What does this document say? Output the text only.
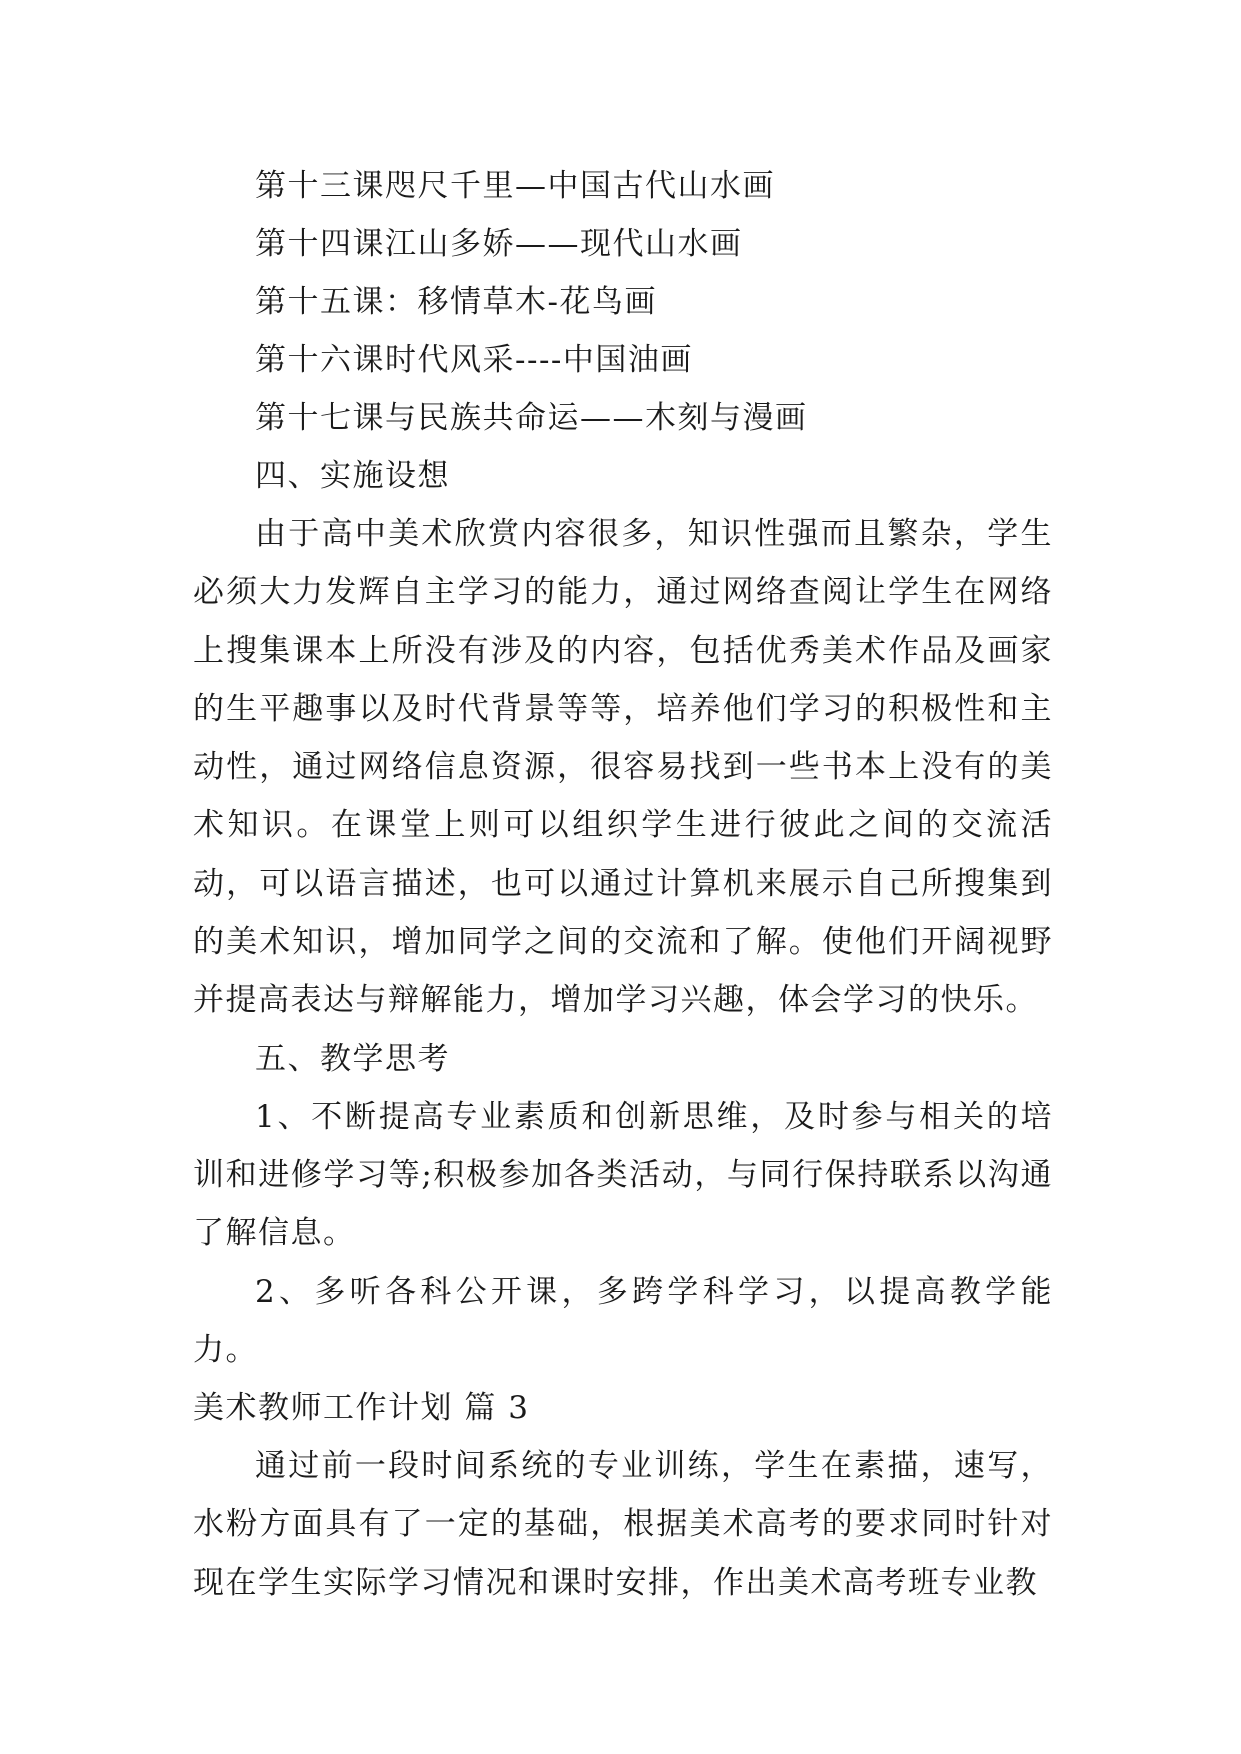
第十三课咫尺千里—中国古代山水画
第十四课江山多娇——现代山水画
第十五课：移情草木-花鸟画
第十六课时代风采----中国油画
第十七课与民族共命运——木刻与漫画
四、实施设想

由于高中美术欣赏内容很多，知识性强而且繁杂，学生必须大力发辉自主学习的能力，通过网络查阅让学生在网络上搜集课本上所没有涉及的内容，包括优秀美术作品及画家的生平趣事以及时代背景等等，培养他们学习的积极性和主动性，通过网络信息资源，很容易找到一些书本上没有的美术知识。在课堂上则可以组织学生进行彼此之间的交流活动，可以语言描述，也可以通过计算机来展示自己所搜集到的美术知识，增加同学之间的交流和了解。使他们开阔视野并提高表达与辩解能力，增加学习兴趣，体会学习的快乐。

五、教学思考

1、不断提高专业素质和创新思维，及时参与相关的培训和进修学习等;积极参加各类活动，与同行保持联系以沟通了解信息。

2、多听各科公开课，多跨学科学习，以提高教学能力。

美术教师工作计划 篇 3

通过前一段时间系统的专业训练，学生在素描，速写，水粉方面具有了一定的基础，根据美术高考的要求同时针对现在学生实际学习情况和课时安排，作出美术高考班专业教
